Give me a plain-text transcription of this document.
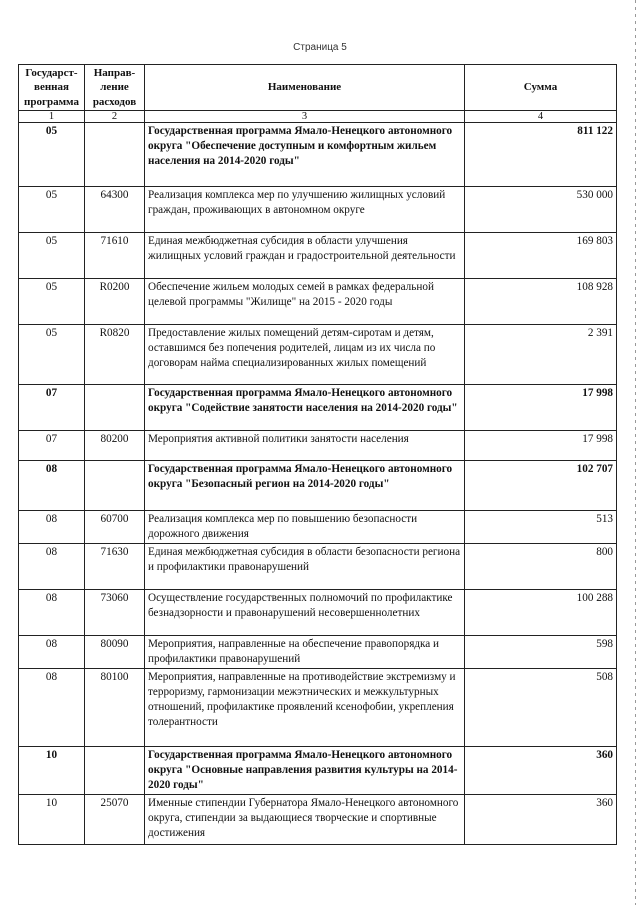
Страница 5
Государст-венная программа	Направ-ление расходов	Наименование	Сумма
1	2	3	4
05		Государственная программа Ямало-Ненецкого автономного округа "Обеспечение доступным и комфортным жильем населения на 2014-2020 годы"	811 122
05	64300	Реализация комплекса мер по улучшению жилищных условий граждан, проживающих в автономном округе	530 000
05	71610	Единая межбюджетная субсидия в области улучшения жилищных условий граждан и градостроительной деятельности	169 803
05	R0200	Обеспечение жильем молодых семей в рамках федеральной целевой программы "Жилище" на 2015 - 2020 годы	108 928
05	R0820	Предоставление жилых помещений детям-сиротам и детям, оставшимся без попечения родителей, лицам из их числа по договорам найма специализированных жилых помещений	2 391
07		Государственная программа Ямало-Ненецкого автономного округа "Содействие занятости населения на 2014-2020 годы"	17 998
07	80200	Мероприятия активной политики занятости населения	17 998
08		Государственная программа Ямало-Ненецкого автономного округа "Безопасный регион на 2014-2020 годы"	102 707
08	60700	Реализация комплекса мер по повышению безопасности дорожного движения	513
08	71630	Единая межбюджетная субсидия в области безопасности региона и профилактики правонарушений	800
08	73060	Осуществление государственных полномочий по профилактике безнадзорности и правонарушений несовершеннолетних	100 288
08	80090	Мероприятия, направленные на обеспечение правопорядка и профилактики правонарушений	598
08	80100	Мероприятия, направленные на противодействие экстремизму и терроризму, гармонизации межэтнических и межкультурных отношений, профилактике проявлений ксенофобии, укрепления толерантности	508
10		Государственная программа Ямало-Ненецкого автономного округа "Основные направления развития культуры на 2014-2020 годы"	360
10	25070	Именные стипендии Губернатора Ямало-Ненецкого автономного округа, стипендии за выдающиеся творческие и спортивные достижения	360
